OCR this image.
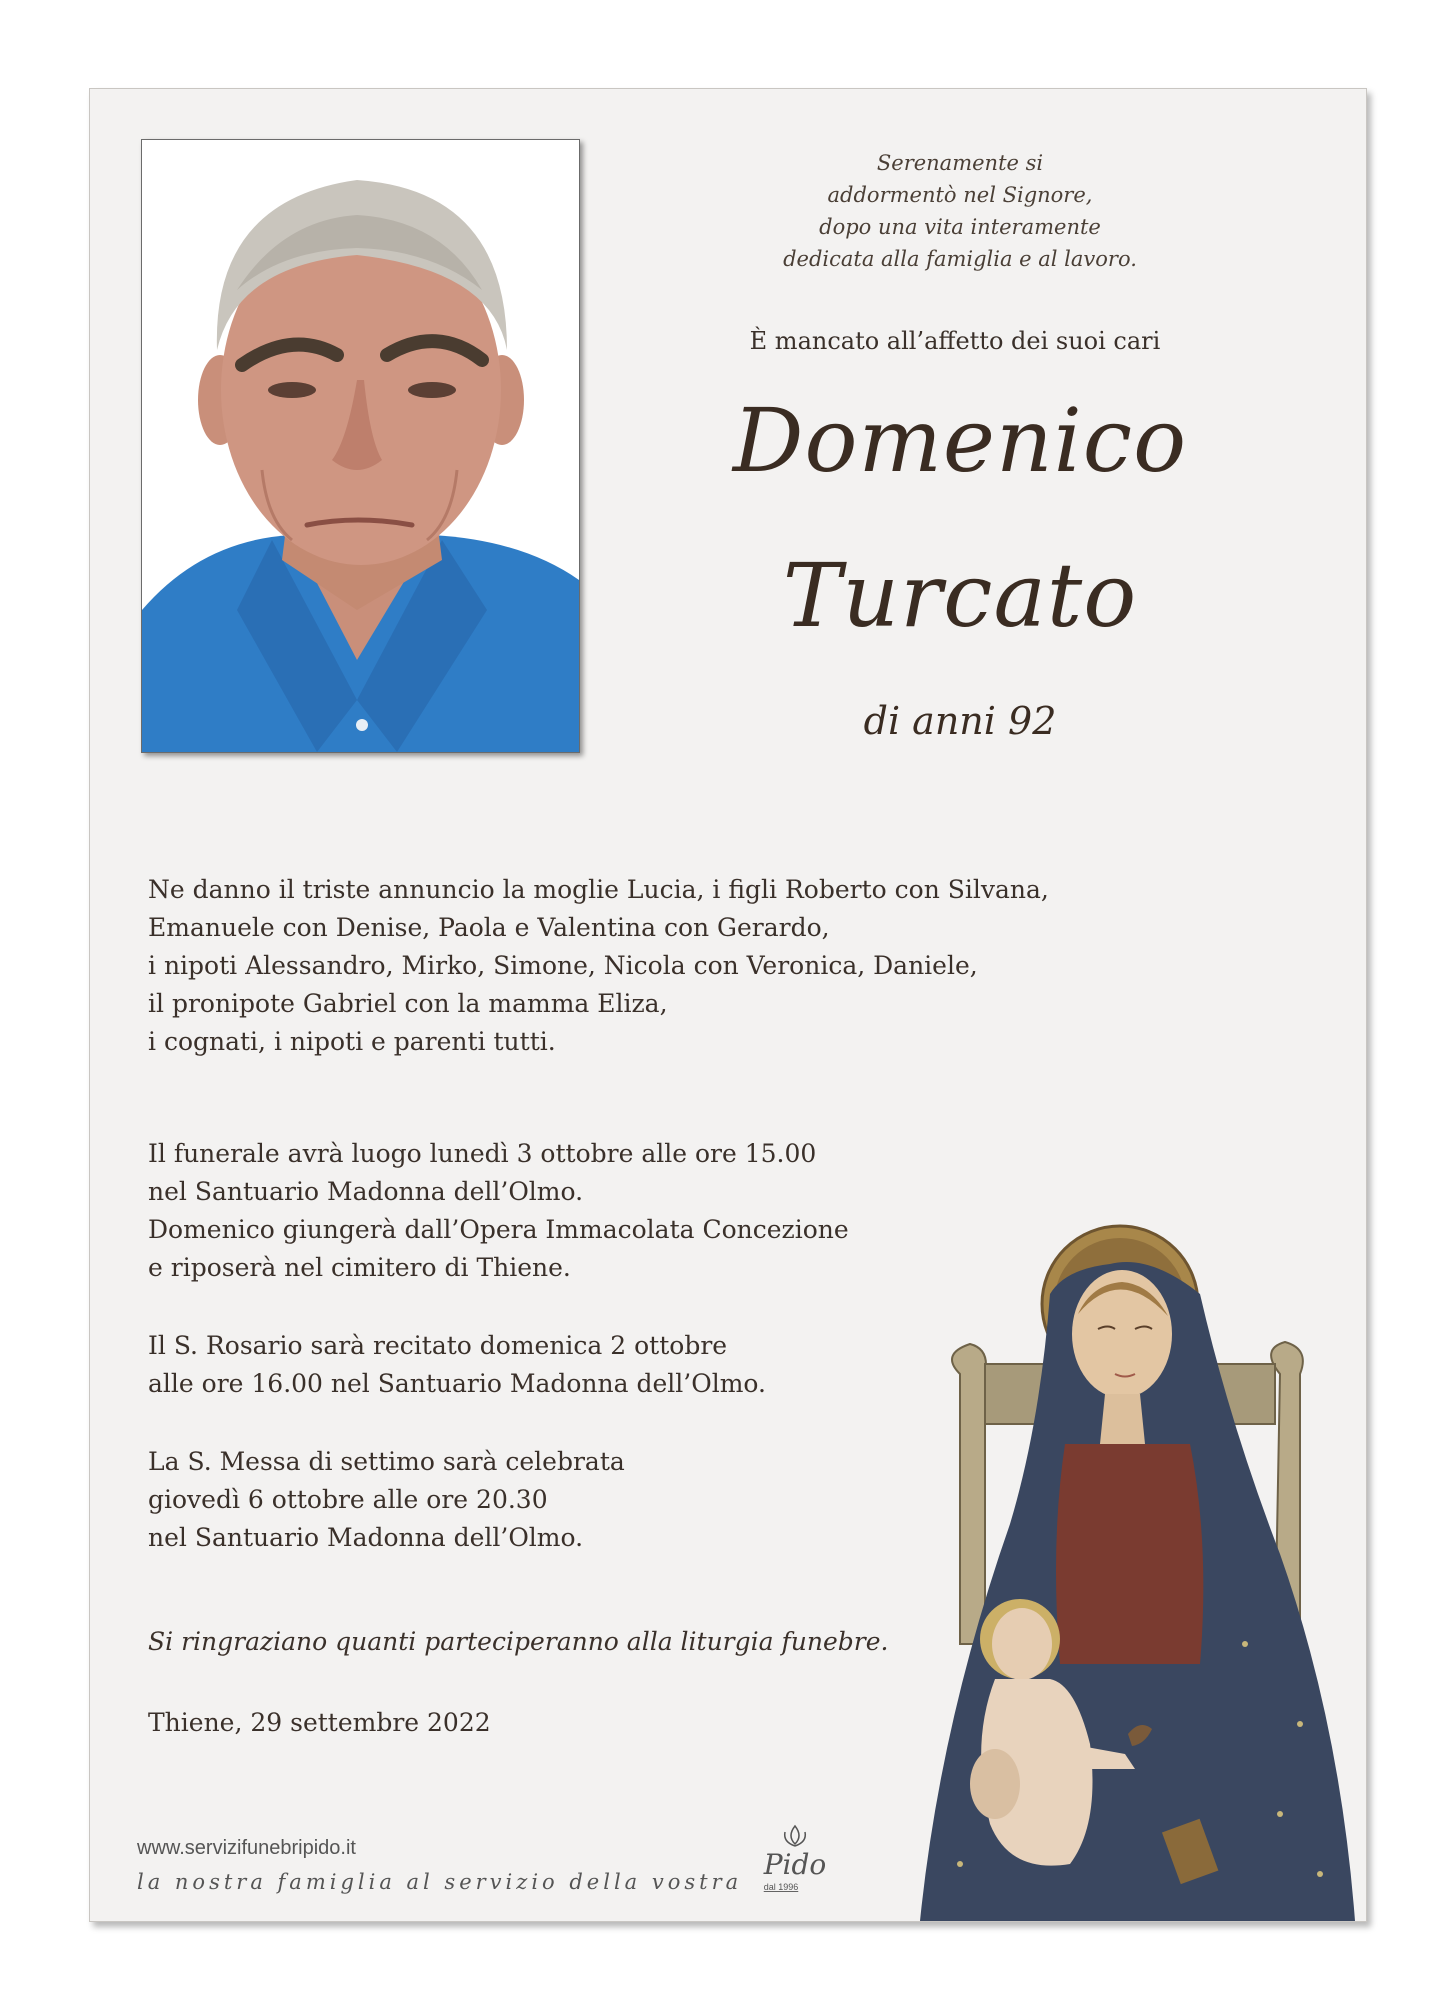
Serenamente si
addormentò nel Signore,
dopo una vita interamente
dedicata alla famiglia e al lavoro.
È mancato all’affetto dei suoi cari
Domenico
Turcato
di anni 92
Ne danno il triste annuncio la moglie Lucia, i figli Roberto con Silvana,
Emanuele con Denise, Paola e Valentina con Gerardo,
i nipoti Alessandro, Mirko, Simone, Nicola con Veronica, Daniele,
il pronipote Gabriel con la mamma Eliza,
i cognati, i nipoti e parenti tutti.
Il funerale avrà luogo lunedì 3 ottobre alle ore 15.00
nel Santuario Madonna dell’Olmo.
Domenico giungerà dall’Opera Immacolata Concezione
e riposerà nel cimitero di Thiene.
Il S. Rosario sarà recitato domenica 2 ottobre
alle ore 16.00 nel Santuario Madonna dell’Olmo.
La S. Messa di settimo sarà celebrata
giovedì 6 ottobre alle ore 20.30
nel Santuario Madonna dell’Olmo.
Si ringraziano quanti parteciperanno alla liturgia funebre.
Thiene, 29 settembre 2022
www.servizifunebripido.it
la nostra famiglia al servizio della vostra
Pido
dal 1996
